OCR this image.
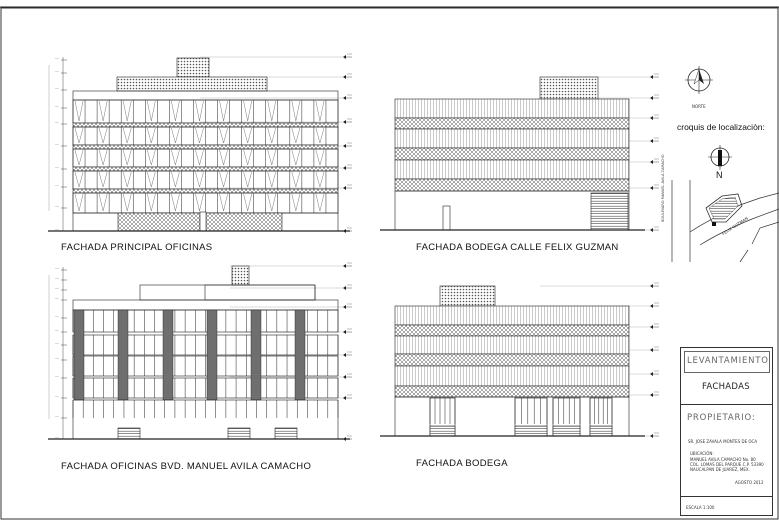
FACHADA PRINCIPAL OFICINAS	FACHADA BODEGA CALLE FELIX GUZMAN
FACHADA OFICINAS BVD. MANUEL AVILA CAMACHO	FACHADA BODEGA
NORTE
croquis de localizaciòn:
N
BOULEVARD MANUEL AVILA CAMACHO
FELIX GUZMAN
LEVANTAMIENTO
FACHADAS
PROPIETARIO:
SR. JOSE ZAVALA MONTES DE OCA
UBICACIÓN:
MANUEL AVILA CAMACHO No. 80
COL. LOMAS DEL PARQUE C.P. 53390
NAUCALPAN DE JUAREZ, MEX.
AGOSTO 2012
ESCALA 1:100
